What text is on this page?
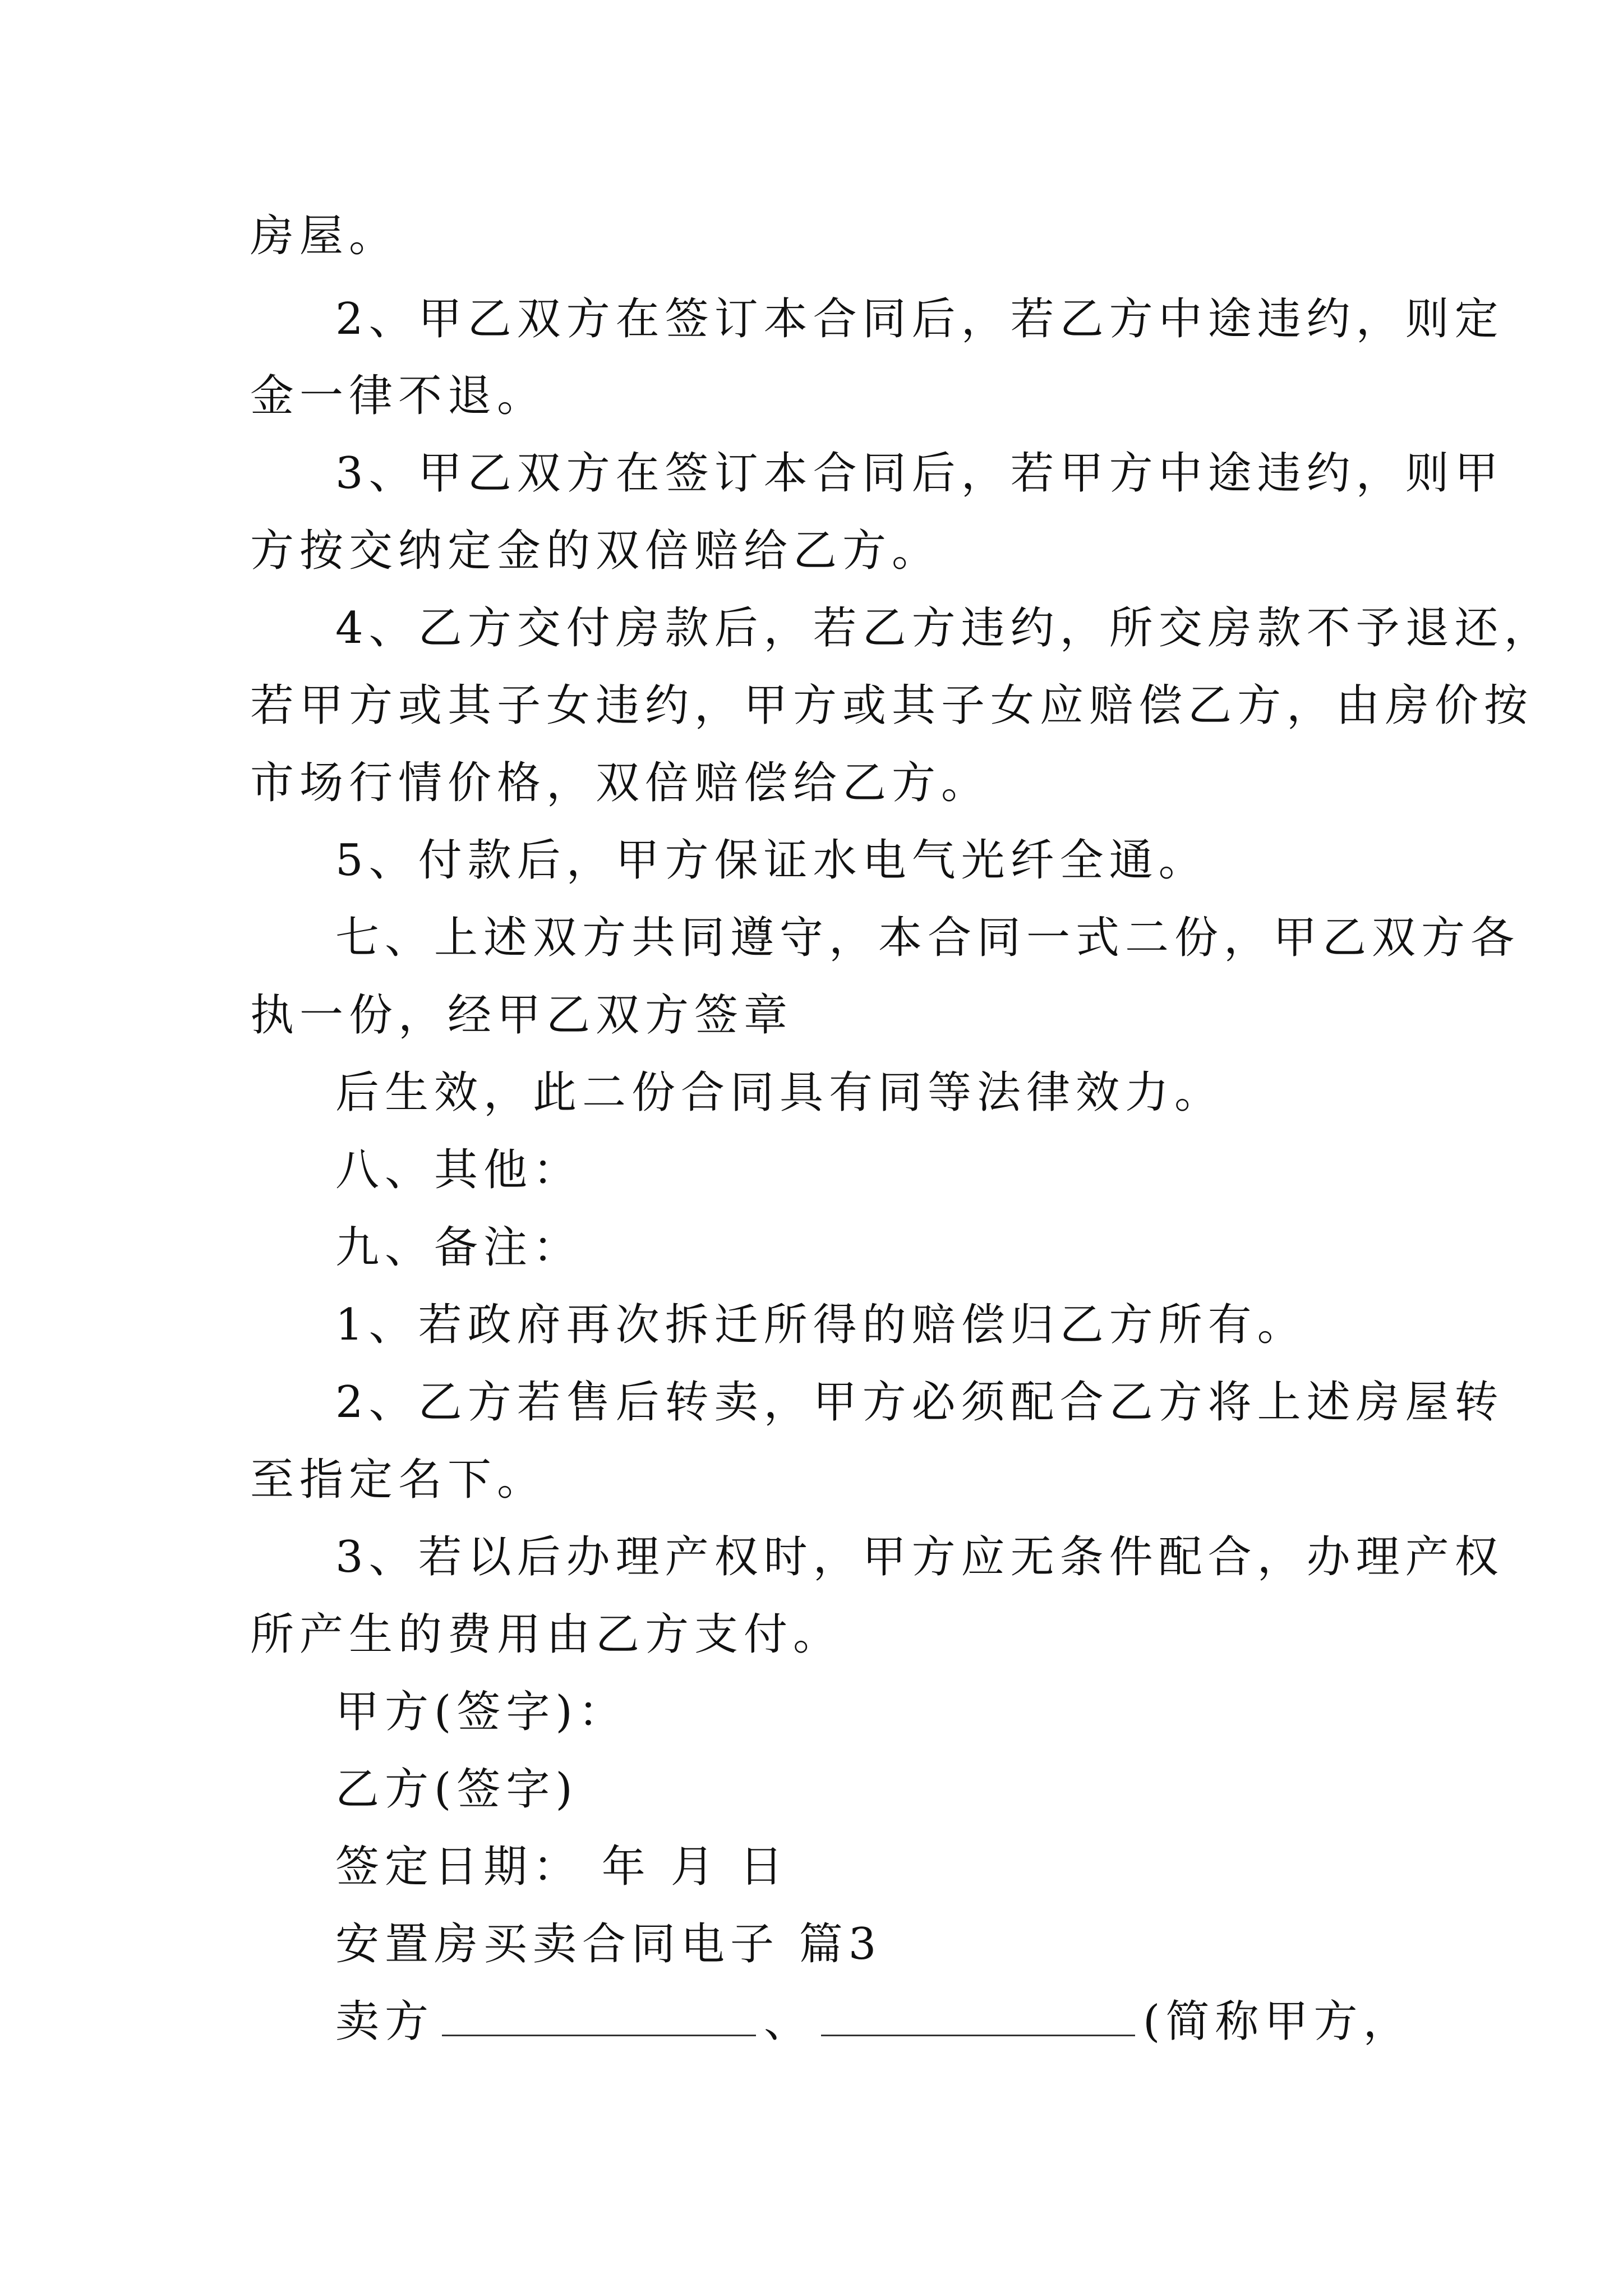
房屋。
2、甲乙双方在签订本合同后，若乙方中途违约，则定
金一律不退。
3、甲乙双方在签订本合同后，若甲方中途违约，则甲
方按交纳定金的双倍赔给乙方。
4、乙方交付房款后，若乙方违约，所交房款不予退还，
若甲方或其子女违约，甲方或其子女应赔偿乙方，由房价按
市场行情价格，双倍赔偿给乙方。
5、付款后，甲方保证水电气光纤全通。
七、上述双方共同遵守，本合同一式二份，甲乙双方各
执一份，经甲乙双方签章
后生效，此二份合同具有同等法律效力。
八、其他：
九、备注：
1、若政府再次拆迁所得的赔偿归乙方所有。
2、乙方若售后转卖，甲方必须配合乙方将上述房屋转
至指定名下。
3、若以后办理产权时，甲方应无条件配合，办理产权
所产生的费用由乙方支付。
甲方(签字)：
乙方(签字)
签定日期： 年 月 日
安置房买卖合同电子 篇3
卖方	、	(简称甲方，
